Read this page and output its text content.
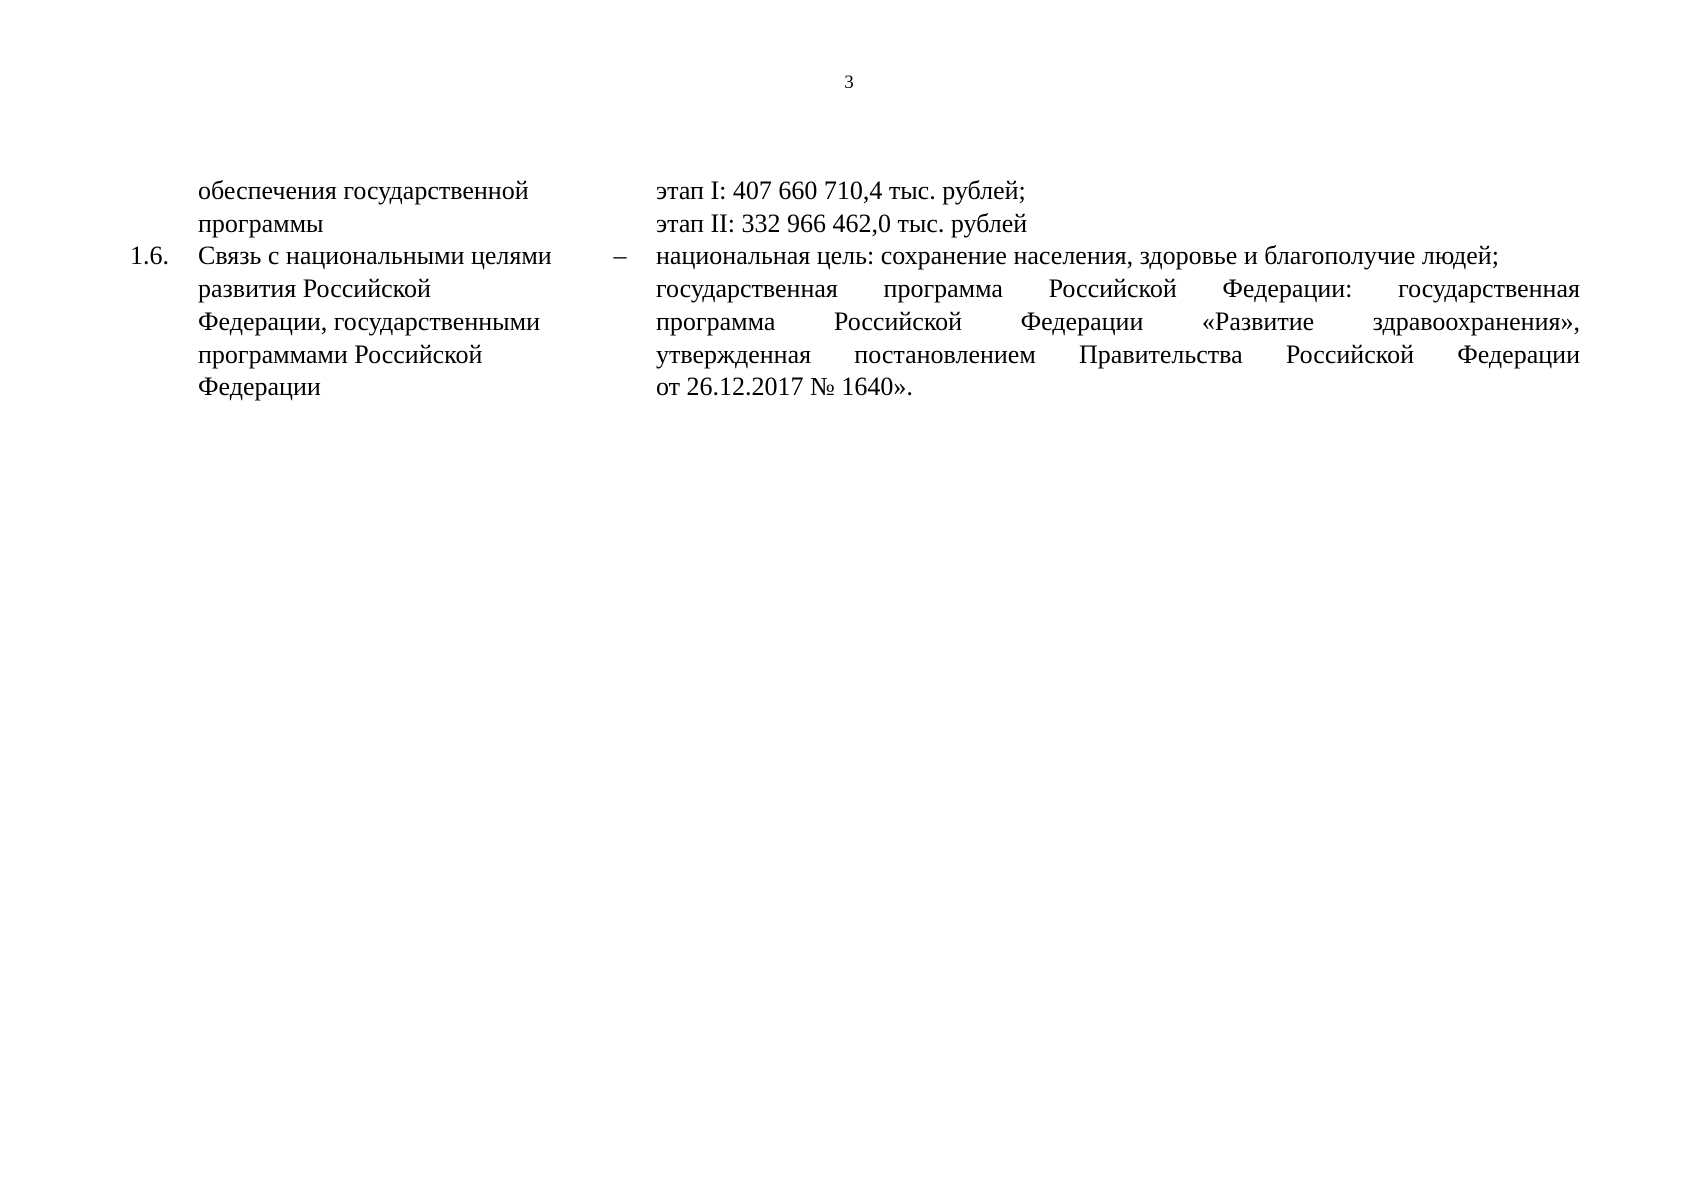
3
обеспечения государственной
программы
этап I: 407 660 710,4 тыс. рублей;
этап II: 332 966 462,0 тыс. рублей
1.6.	Связь с национальными целями
развития Российской
Федерации, государственными
программами Российской
Федерации
– национальная цель: сохранение населения, здоровье и благополучие людей;
государственная программа Российской Федерации: государственная
программа Российской Федерации «Развитие здравоохранения»,
утвержденная постановлением Правительства Российской Федерации
от 26.12.2017 № 1640».
